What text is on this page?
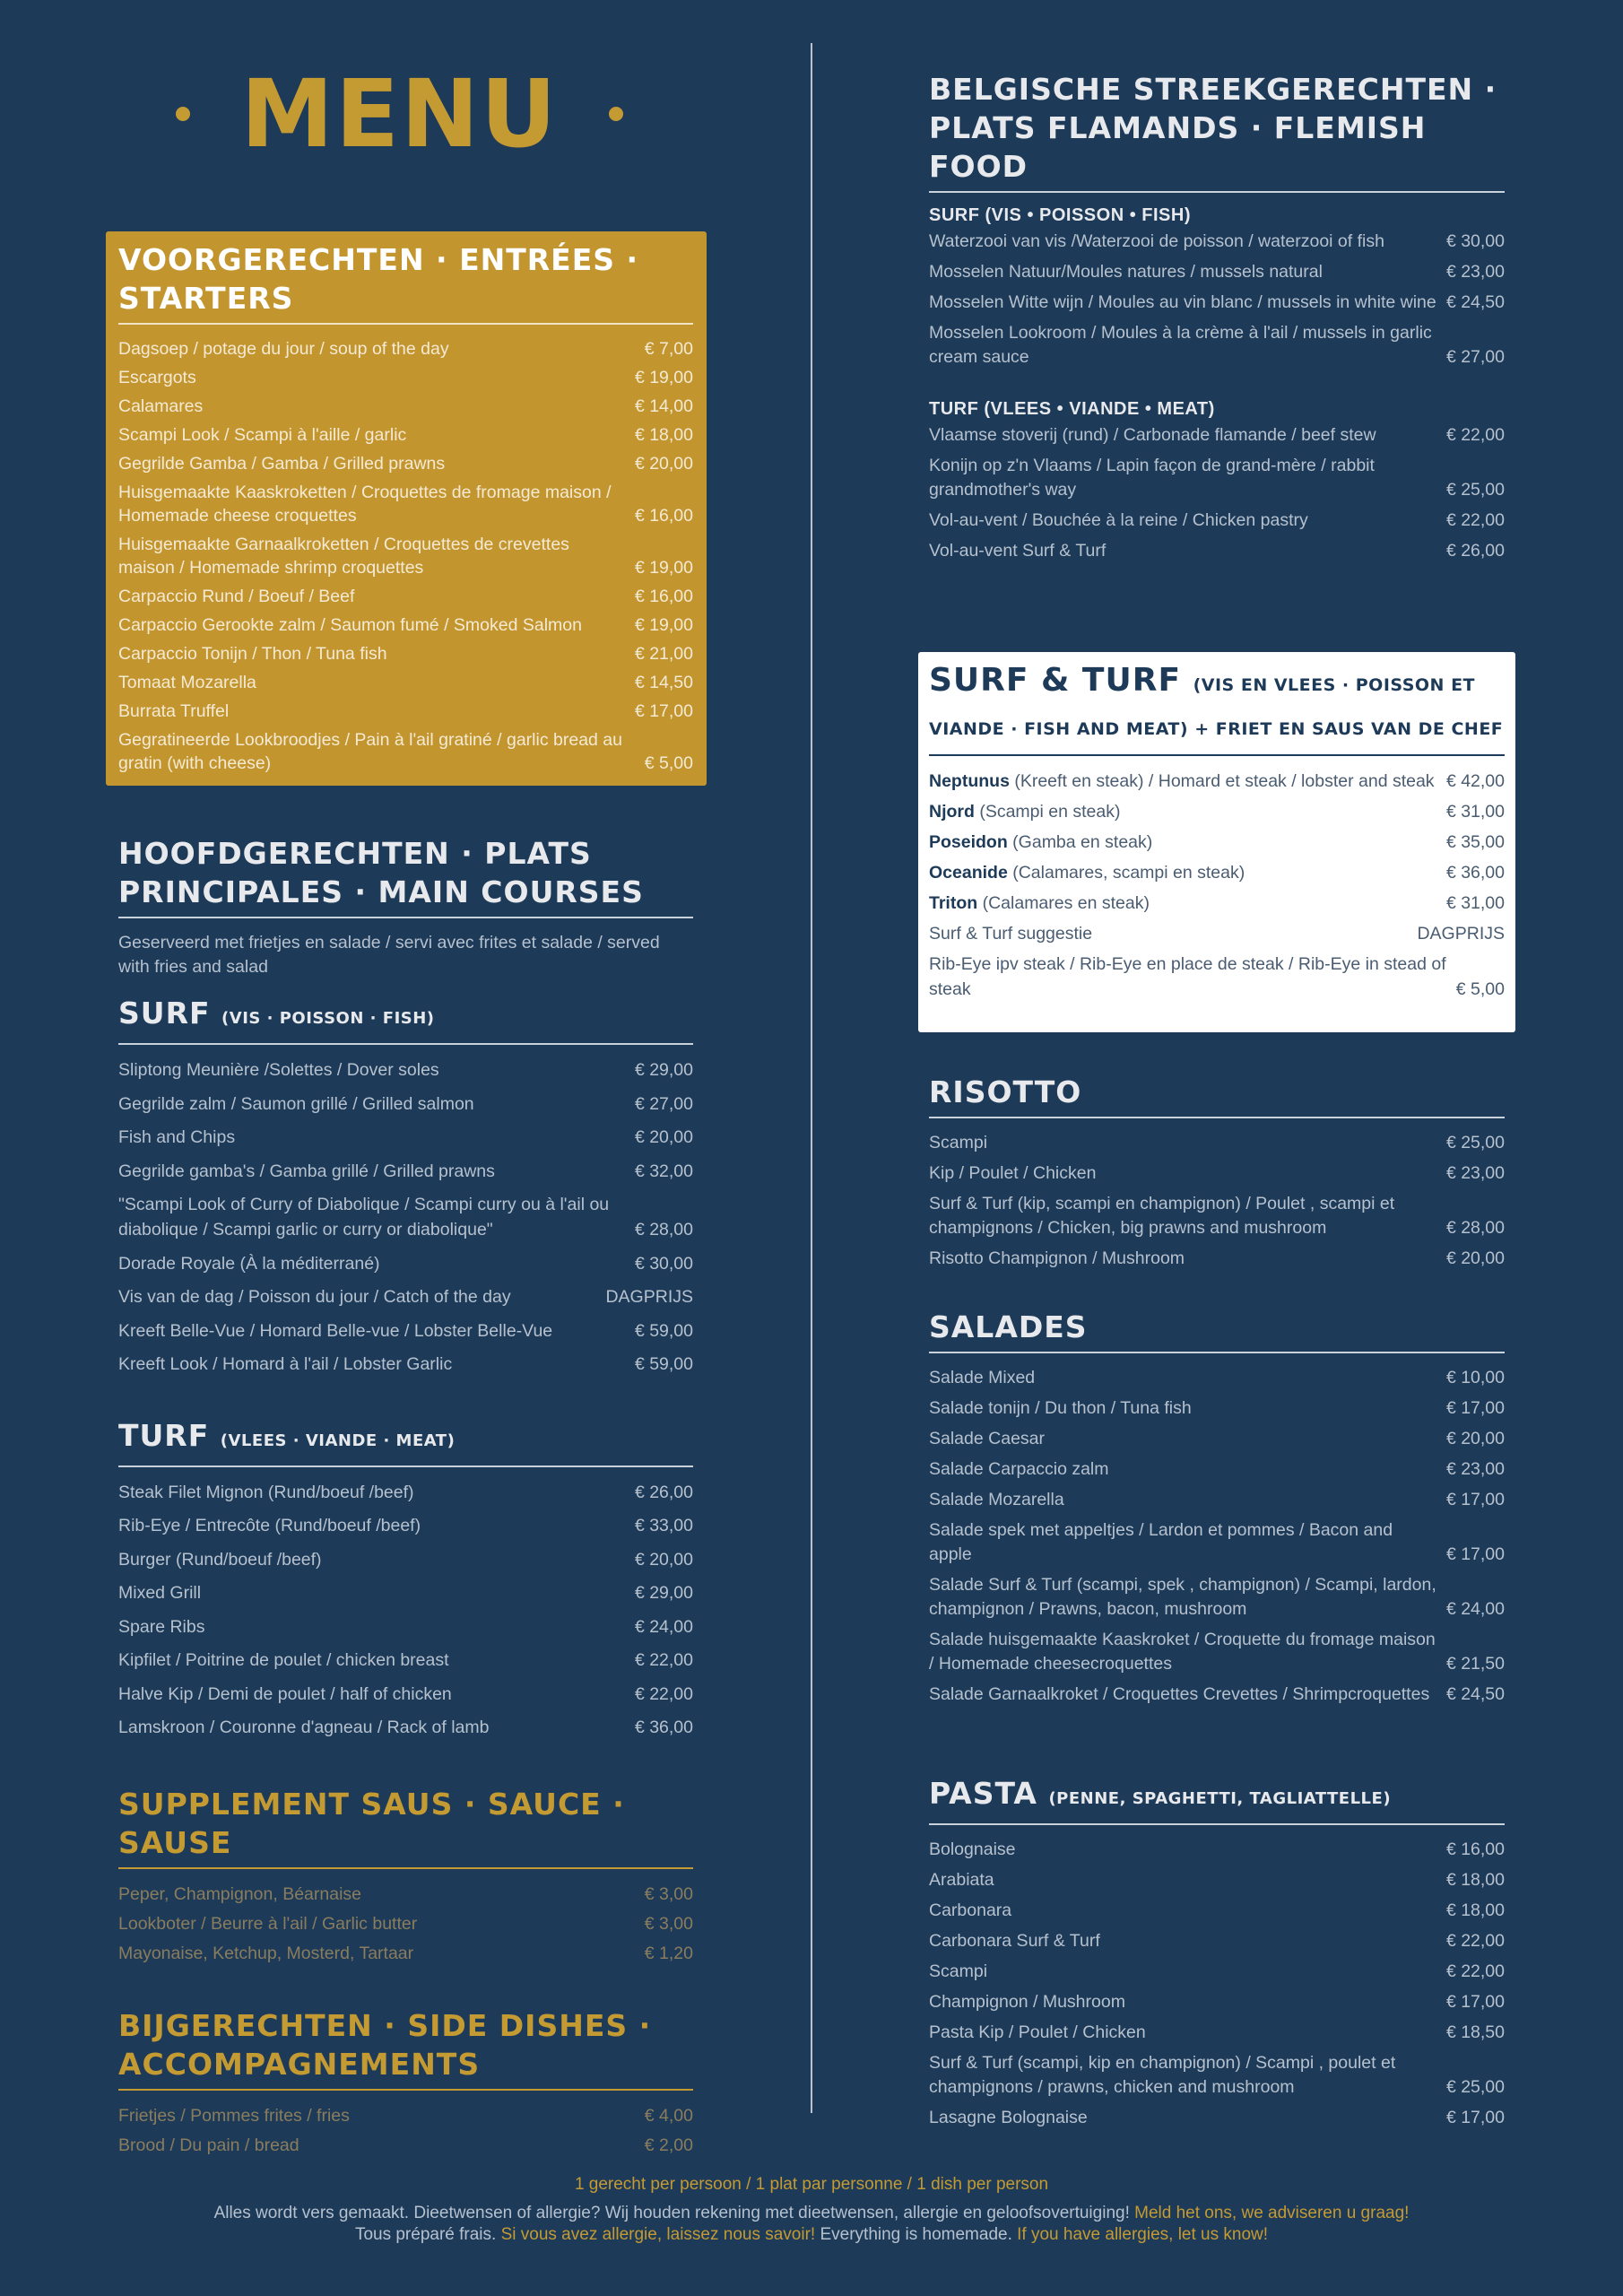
MENU
VOORGERECHTEN · ENTRÉES · STARTERS
Dagsoep / potage du jour / soup of the day	€ 7,00
Escargots	€ 19,00
Calamares	€ 14,00
Scampi Look / Scampi à l'aille / garlic	€ 18,00
Gegrilde Gamba / Gamba / Grilled prawns	€ 20,00
Huisgemaakte Kaaskroketten / Croquettes de fromage maison / Homemade cheese croquettes	€ 16,00
Huisgemaakte Garnaalkroketten / Croquettes de crevettes maison / Homemade shrimp croquettes	€ 19,00
Carpaccio Rund / Boeuf / Beef	€ 16,00
Carpaccio Gerookte zalm / Saumon fumé / Smoked Salmon	€ 19,00
Carpaccio Tonijn / Thon / Tuna fish	€ 21,00
Tomaat Mozarella	€ 14,50
Burrata Truffel	€ 17,00
Gegratineerde Lookbroodjes / Pain à l'ail gratiné / garlic bread au gratin (with cheese)	€ 5,00
HOOFDGERECHTEN · PLATS PRINCIPALES · MAIN COURSES
Geserveerd met frietjes en salade / servi avec frites et salade / served with fries and salad
SURF (VIS · POISSON · FISH)
Sliptong Meunière /Solettes / Dover soles	€ 29,00
Gegrilde zalm / Saumon grillé / Grilled salmon	€ 27,00
Fish and Chips	€ 20,00
Gegrilde gamba's / Gamba grillé / Grilled prawns	€ 32,00
"Scampi Look of Curry of Diabolique / Scampi curry ou à l'ail ou diabolique / Scampi garlic or curry or diabolique"	€ 28,00
Dorade Royale (À la méditerrané)	€ 30,00
Vis van de dag / Poisson du jour / Catch of the day	DAGPRIJS
Kreeft Belle-Vue / Homard Belle-vue / Lobster Belle-Vue	€ 59,00
Kreeft Look / Homard à l'ail / Lobster Garlic	€ 59,00
TURF (VLEES · VIANDE · MEAT)
Steak Filet Mignon (Rund/boeuf /beef)	€ 26,00
Rib-Eye / Entrecôte (Rund/boeuf /beef)	€ 33,00
Burger (Rund/boeuf /beef)	€ 20,00
Mixed Grill	€ 29,00
Spare Ribs	€ 24,00
Kipfilet / Poitrine de poulet / chicken breast	€ 22,00
Halve Kip / Demi de poulet / half of chicken	€ 22,00
Lamskroon / Couronne d'agneau / Rack of lamb	€ 36,00
SUPPLEMENT SAUS · SAUCE · SAUSE
Peper, Champignon, Béarnaise	€ 3,00
Lookboter / Beurre à l'ail / Garlic butter	€ 3,00
Mayonaise, Ketchup, Mosterd, Tartaar	€ 1,20
BIJGERECHTEN · SIDE DISHES · ACCOMPAGNEMENTS
Frietjes / Pommes frites / fries	€ 4,00
Brood / Du pain / bread	€ 2,00
BELGISCHE STREEKGERECHTEN · PLATS FLAMANDS · FLEMISH FOOD
SURF (VIS • POISSON • FISH)
Waterzooi van vis /Waterzooi de poisson / waterzooi of fish	€ 30,00
Mosselen Natuur/Moules natures / mussels natural	€ 23,00
Mosselen Witte wijn / Moules au vin blanc / mussels in white wine € 24,50
Mosselen Lookroom / Moules à la crème à l'ail / mussels in garlic cream sauce	€ 27,00
TURF (VLEES • VIANDE • MEAT)
Vlaamse stoverij (rund) / Carbonade flamande / beef stew	€ 22,00
Konijn op z'n Vlaams / Lapin façon de grand-mère / rabbit grandmother's way	€ 25,00
Vol-au-vent / Bouchée à la reine / Chicken pastry	€ 22,00
Vol-au-vent Surf & Turf	€ 26,00
SURF & TURF (VIS EN VLEES · POISSON ET VIANDE · FISH AND MEAT) + FRIET EN SAUS VAN DE CHEF
Neptunus (Kreeft en steak) / Homard et steak / lobster and steak € 42,00
Njord (Scampi en steak)	€ 31,00
Poseidon (Gamba en steak)	€ 35,00
Oceanide (Calamares, scampi en steak)	€ 36,00
Triton (Calamares en steak)	€ 31,00
Surf & Turf suggestie	DAGPRIJS
Rib-Eye ipv steak / Rib-Eye en place de steak / Rib-Eye in stead of steak	€ 5,00
RISOTTO
Scampi	€ 25,00
Kip / Poulet / Chicken	€ 23,00
Surf & Turf (kip, scampi en champignon) / Poulet , scampi et champignons / Chicken, big prawns and mushroom	€ 28,00
Risotto Champignon / Mushroom	€ 20,00
SALADES
Salade Mixed	€ 10,00
Salade tonijn / Du thon / Tuna fish	€ 17,00
Salade Caesar	€ 20,00
Salade Carpaccio zalm	€ 23,00
Salade Mozarella	€ 17,00
Salade spek met appeltjes / Lardon et pommes / Bacon and apple	€ 17,00
Salade Surf & Turf (scampi, spek , champignon) / Scampi, lardon, champignon / Prawns, bacon, mushroom	€ 24,00
Salade huisgemaakte Kaaskroket / Croquette du fromage maison / Homemade cheesecroquettes	€ 21,50
Salade Garnaalkroket / Croquettes Crevettes / Shrimpcroquettes € 24,50
PASTA (PENNE, SPAGHETTI, TAGLIATTELLE)
Bolognaise	€ 16,00
Arabiata	€ 18,00
Carbonara	€ 18,00
Carbonara Surf & Turf	€ 22,00
Scampi	€ 22,00
Champignon / Mushroom	€ 17,00
Pasta Kip / Poulet / Chicken	€ 18,50
Surf & Turf (scampi, kip en champignon) / Scampi , poulet et champignons / prawns, chicken and mushroom	€ 25,00
Lasagne Bolognaise	€ 17,00
1 gerecht per persoon / 1 plat par personne / 1 dish per person
Alles wordt vers gemaakt. Dieetwensen of allergie? Wij houden rekening met dieetwensen, allergie en geloofsovertuiging! Meld het ons, we adviseren u graag!
Tous préparé frais. Si vous avez allergie, laissez nous savoir! Everything is homemade. If you have allergies, let us know!
